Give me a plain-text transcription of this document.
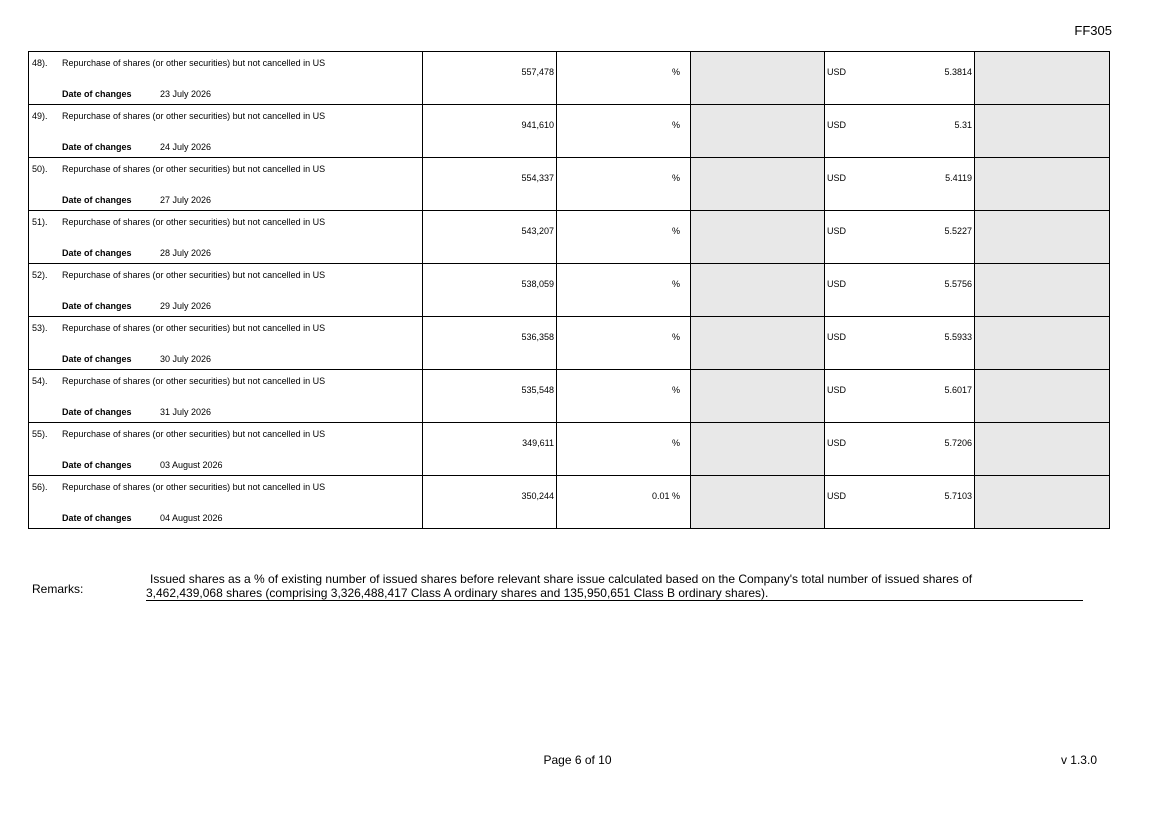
FF305
48). Repurchase of shares (or other securities) but not cancelled in US
Date of changes 23 July 2026	557,478	%		USD 5.3814	

49). Repurchase of shares (or other securities) but not cancelled in US
Date of changes 24 July 2026	941,610	%		USD 5.31	

50). Repurchase of shares (or other securities) but not cancelled in US
Date of changes 27 July 2026	554,337	%		USD 5.4119	

51). Repurchase of shares (or other securities) but not cancelled in US
Date of changes 28 July 2026	543,207	%		USD 5.5227	

52). Repurchase of shares (or other securities) but not cancelled in US
Date of changes 29 July 2026	538,059	%		USD 5.5756	

53). Repurchase of shares (or other securities) but not cancelled in US
Date of changes 30 July 2026	536,358	%		USD 5.5933	

54). Repurchase of shares (or other securities) but not cancelled in US
Date of changes 31 July 2026	535,548	%		USD 5.6017	

55). Repurchase of shares (or other securities) but not cancelled in US
Date of changes 03 August 2026	349,611	%		USD 5.7206	

56). Repurchase of shares (or other securities) but not cancelled in US
Date of changes 04 August 2026	350,244	0.01 %		USD 5.7103	

Remarks:
Issued shares as a % of existing number of issued shares before relevant share issue calculated based on the Company's total number of issued shares of
3,462,439,068 shares (comprising 3,326,488,417 Class A ordinary shares and 135,950,651 Class B ordinary shares).
Page 6 of 10	v 1.3.0
